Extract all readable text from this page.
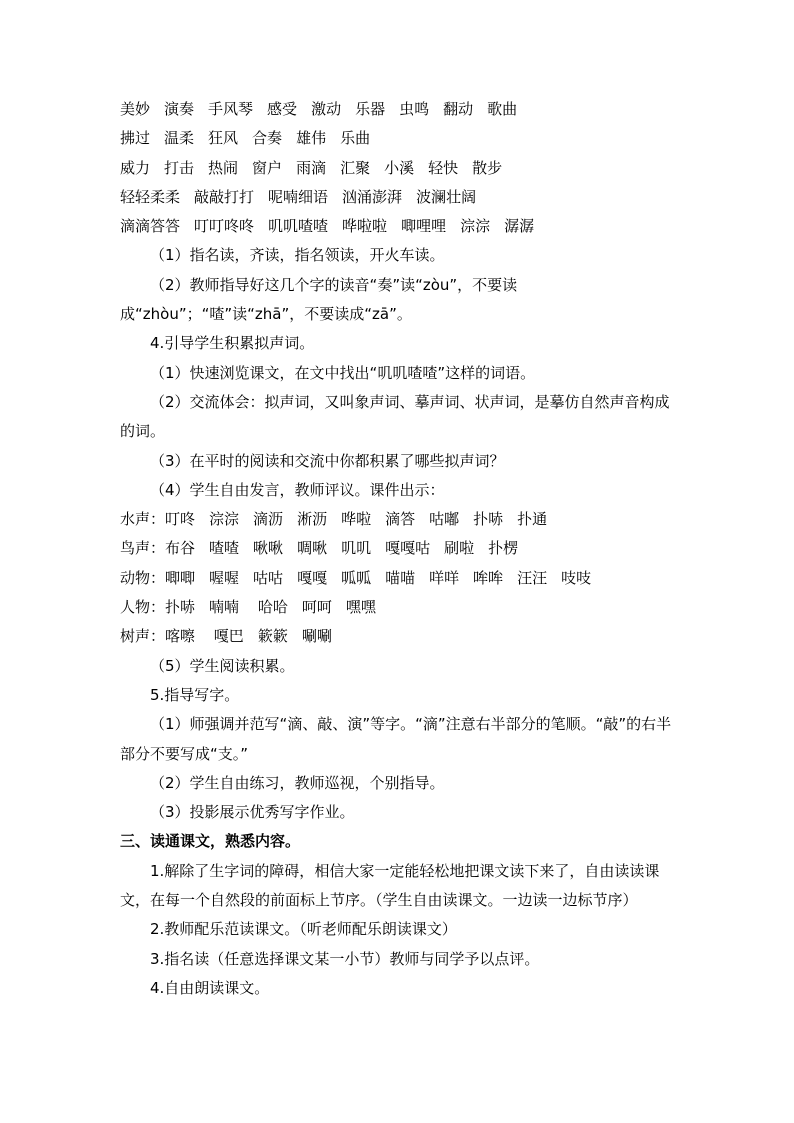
美妙 演奏 手风琴 感受 激动 乐器 虫鸣 翻动 歌曲
拂过 温柔 狂风 合奏 雄伟 乐曲
威力 打击 热闹 窗户 雨滴 汇聚 小溪 轻快 散步
轻轻柔柔 敲敲打打 呢喃细语 汹涌澎湃 波澜壮阔
滴滴答答 叮叮咚咚 叽叽喳喳 哗啦啦 唧哩哩 淙淙 潺潺
（1）指名读，齐读，指名领读，开火车读。
（2）教师指导好这几个字的读音“奏”读“zòu”，不要读成“zhòu”；“喳”读“zhā”，不要读成“zā”。
4.引导学生积累拟声词。
（1）快速浏览课文，在文中找出“叽叽喳喳”这样的词语。
（2）交流体会：拟声词，又叫象声词、摹声词、状声词，是摹仿自然声音构成的词。
（3）在平时的阅读和交流中你都积累了哪些拟声词？
（4）学生自由发言，教师评议。课件出示：
水声：叮咚 淙淙 滴沥 淅沥 哗啦 滴答 咕嘟 扑哧 扑通
鸟声：布谷 喳喳 啾啾 啁啾 叽叽 嘎嘎咕 刷啦 扑楞
动物：唧唧 喔喔 咕咕 嘎嘎 呱呱 喵喵 咩咩 哞哞 汪汪 吱吱
人物：扑哧 喃喃 哈哈 呵呵 嘿嘿
树声：喀嚓 嘎巴 簌簌 唰唰
（5）学生阅读积累。
5.指导写字。
（1）师强调并范写“滴、敲、演”等字。“滴”注意右半部分的笔顺。“敲”的右半部分不要写成“支。”
（2）学生自由练习，教师巡视，个别指导。
（3）投影展示优秀写字作业。
三、读通课文，熟悉内容。
1.解除了生字词的障碍，相信大家一定能轻松地把课文读下来了，自由读读课文，在每一个自然段的前面标上节序。（学生自由读课文。一边读一边标节序）
2.教师配乐范读课文。（听老师配乐朗读课文）
3.指名读（任意选择课文某一小节）教师与同学予以点评。
4.自由朗读课文。
